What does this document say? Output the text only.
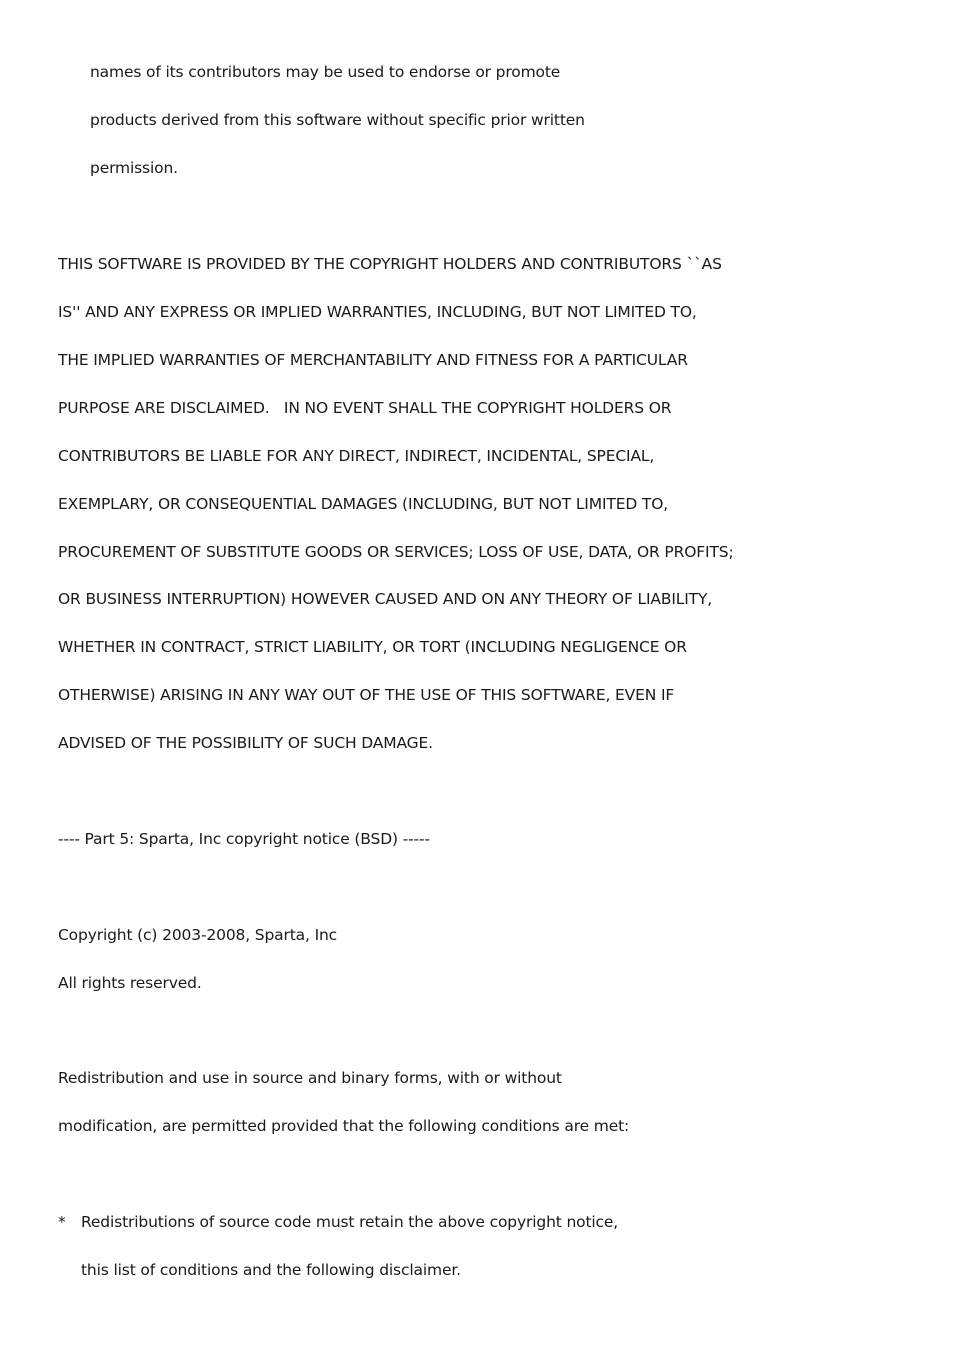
names of its contributors may be used to endorse or promote
products derived from this software without specific prior written
permission.
THIS SOFTWARE IS PROVIDED BY THE COPYRIGHT HOLDERS AND CONTRIBUTORS ``AS
IS'' AND ANY EXPRESS OR IMPLIED WARRANTIES, INCLUDING, BUT NOT LIMITED TO,
THE IMPLIED WARRANTIES OF MERCHANTABILITY AND FITNESS FOR A PARTICULAR
PURPOSE ARE DISCLAIMED.   IN NO EVENT SHALL THE COPYRIGHT HOLDERS OR
CONTRIBUTORS BE LIABLE FOR ANY DIRECT, INDIRECT, INCIDENTAL, SPECIAL,
EXEMPLARY, OR CONSEQUENTIAL DAMAGES (INCLUDING, BUT NOT LIMITED TO,
PROCUREMENT OF SUBSTITUTE GOODS OR SERVICES; LOSS OF USE, DATA, OR PROFITS;
OR BUSINESS INTERRUPTION) HOWEVER CAUSED AND ON ANY THEORY OF LIABILITY,
WHETHER IN CONTRACT, STRICT LIABILITY, OR TORT (INCLUDING NEGLIGENCE OR
OTHERWISE) ARISING IN ANY WAY OUT OF THE USE OF THIS SOFTWARE, EVEN IF
ADVISED OF THE POSSIBILITY OF SUCH DAMAGE.
---- Part 5: Sparta, Inc copyright notice (BSD) -----
Copyright (c) 2003-2008, Sparta, Inc
All rights reserved.
Redistribution and use in source and binary forms, with or without
modification, are permitted provided that the following conditions are met:
* Redistributions of source code must retain the above copyright notice,
this list of conditions and the following disclaimer.
